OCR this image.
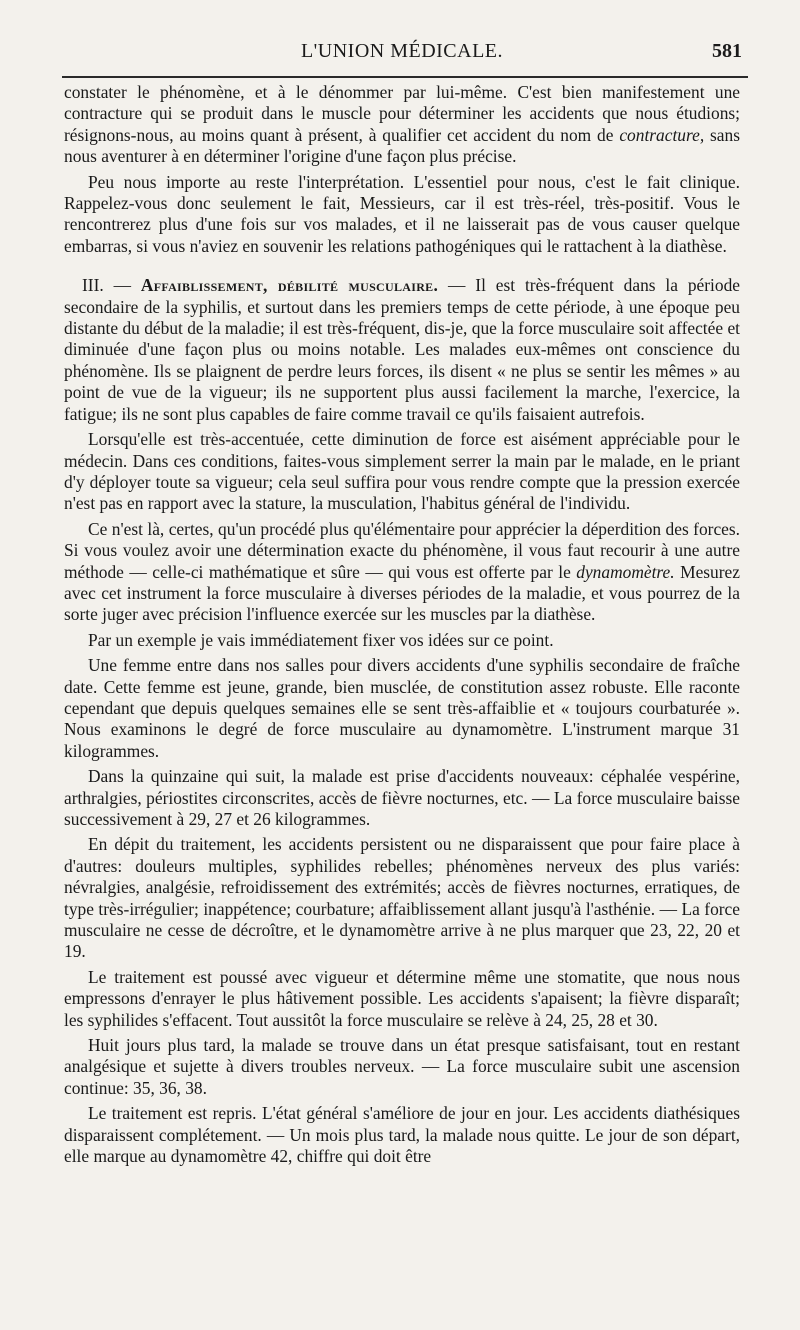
L'UNION MÉDICALE.	581

constater le phénomène, et à le dénommer par lui-même. C'est bien manifestement une contracture qui se produit dans le muscle pour déterminer les accidents que nous étudions; résignons-nous, au moins quant à présent, à qualifier cet accident du nom de contracture, sans nous aventurer à en déterminer l'origine d'une façon plus précise.

Peu nous importe au reste l'interprétation. L'essentiel pour nous, c'est le fait clinique. Rappelez-vous donc seulement le fait, Messieurs, car il est très-réel, très-positif. Vous le rencontrerez plus d'une fois sur vos malades, et il ne laisserait pas de vous causer quelque embarras, si vous n'aviez en souvenir les relations pathogéniques qui le rattachent à la diathèse.

III. — Affaiblissement, débilité musculaire. — Il est très-fréquent dans la période secondaire de la syphilis, et surtout dans les premiers temps de cette période, à une époque peu distante du début de la maladie; il est très-fréquent, dis-je, que la force musculaire soit affectée et diminuée d'une façon plus ou moins notable. Les malades eux-mêmes ont conscience du phénomène. Ils se plaignent de perdre leurs forces, ils disent « ne plus se sentir les mêmes » au point de vue de la vigueur; ils ne supportent plus aussi facilement la marche, l'exercice, la fatigue; ils ne sont plus capables de faire comme travail ce qu'ils faisaient autrefois.

Lorsqu'elle est très-accentuée, cette diminution de force est aisément appréciable pour le médecin. Dans ces conditions, faites-vous simplement serrer la main par le malade, en le priant d'y déployer toute sa vigueur; cela seul suffira pour vous rendre compte que la pression exercée n'est pas en rapport avec la stature, la musculation, l'habitus général de l'individu.

Ce n'est là, certes, qu'un procédé plus qu'élémentaire pour apprécier la déperdition des forces. Si vous voulez avoir une détermination exacte du phénomène, il vous faut recourir à une autre méthode — celle-ci mathématique et sûre — qui vous est offerte par le dynamomètre. Mesurez avec cet instrument la force musculaire à diverses périodes de la maladie, et vous pourrez de la sorte juger avec précision l'influence exercée sur les muscles par la diathèse.

Par un exemple je vais immédiatement fixer vos idées sur ce point.

Une femme entre dans nos salles pour divers accidents d'une syphilis secondaire de fraîche date. Cette femme est jeune, grande, bien musclée, de constitution assez robuste. Elle raconte cependant que depuis quelques semaines elle se sent très-affaiblie et « toujours courbaturée ». Nous examinons le degré de force musculaire au dynamomètre. L'instrument marque 31 kilogrammes.

Dans la quinzaine qui suit, la malade est prise d'accidents nouveaux: céphalée vespérine, arthralgies, périostites circonscrites, accès de fièvre nocturnes, etc. — La force musculaire baisse successivement à 29, 27 et 26 kilogrammes.

En dépit du traitement, les accidents persistent ou ne disparaissent que pour faire place à d'autres: douleurs multiples, syphilides rebelles; phénomènes nerveux des plus variés: névralgies, analgésie, refroidissement des extrémités; accès de fièvres nocturnes, erratiques, de type très-irrégulier; inappétence; courbature; affaiblissement allant jusqu'à l'asthénie. — La force musculaire ne cesse de décroître, et le dynamomètre arrive à ne plus marquer que 23, 22, 20 et 19.

Le traitement est poussé avec vigueur et détermine même une stomatite, que nous nous empressons d'enrayer le plus hâtivement possible. Les accidents s'apaisent; la fièvre disparaît; les syphilides s'effacent. Tout aussitôt la force musculaire se relève à 24, 25, 28 et 30.

Huit jours plus tard, la malade se trouve dans un état presque satisfaisant, tout en restant analgésique et sujette à divers troubles nerveux. — La force musculaire subit une ascension continue: 35, 36, 38.

Le traitement est repris. L'état général s'améliore de jour en jour. Les accidents diathésiques disparaissent complétement. — Un mois plus tard, la malade nous quitte. Le jour de son départ, elle marque au dynamomètre 42, chiffre qui doit être
